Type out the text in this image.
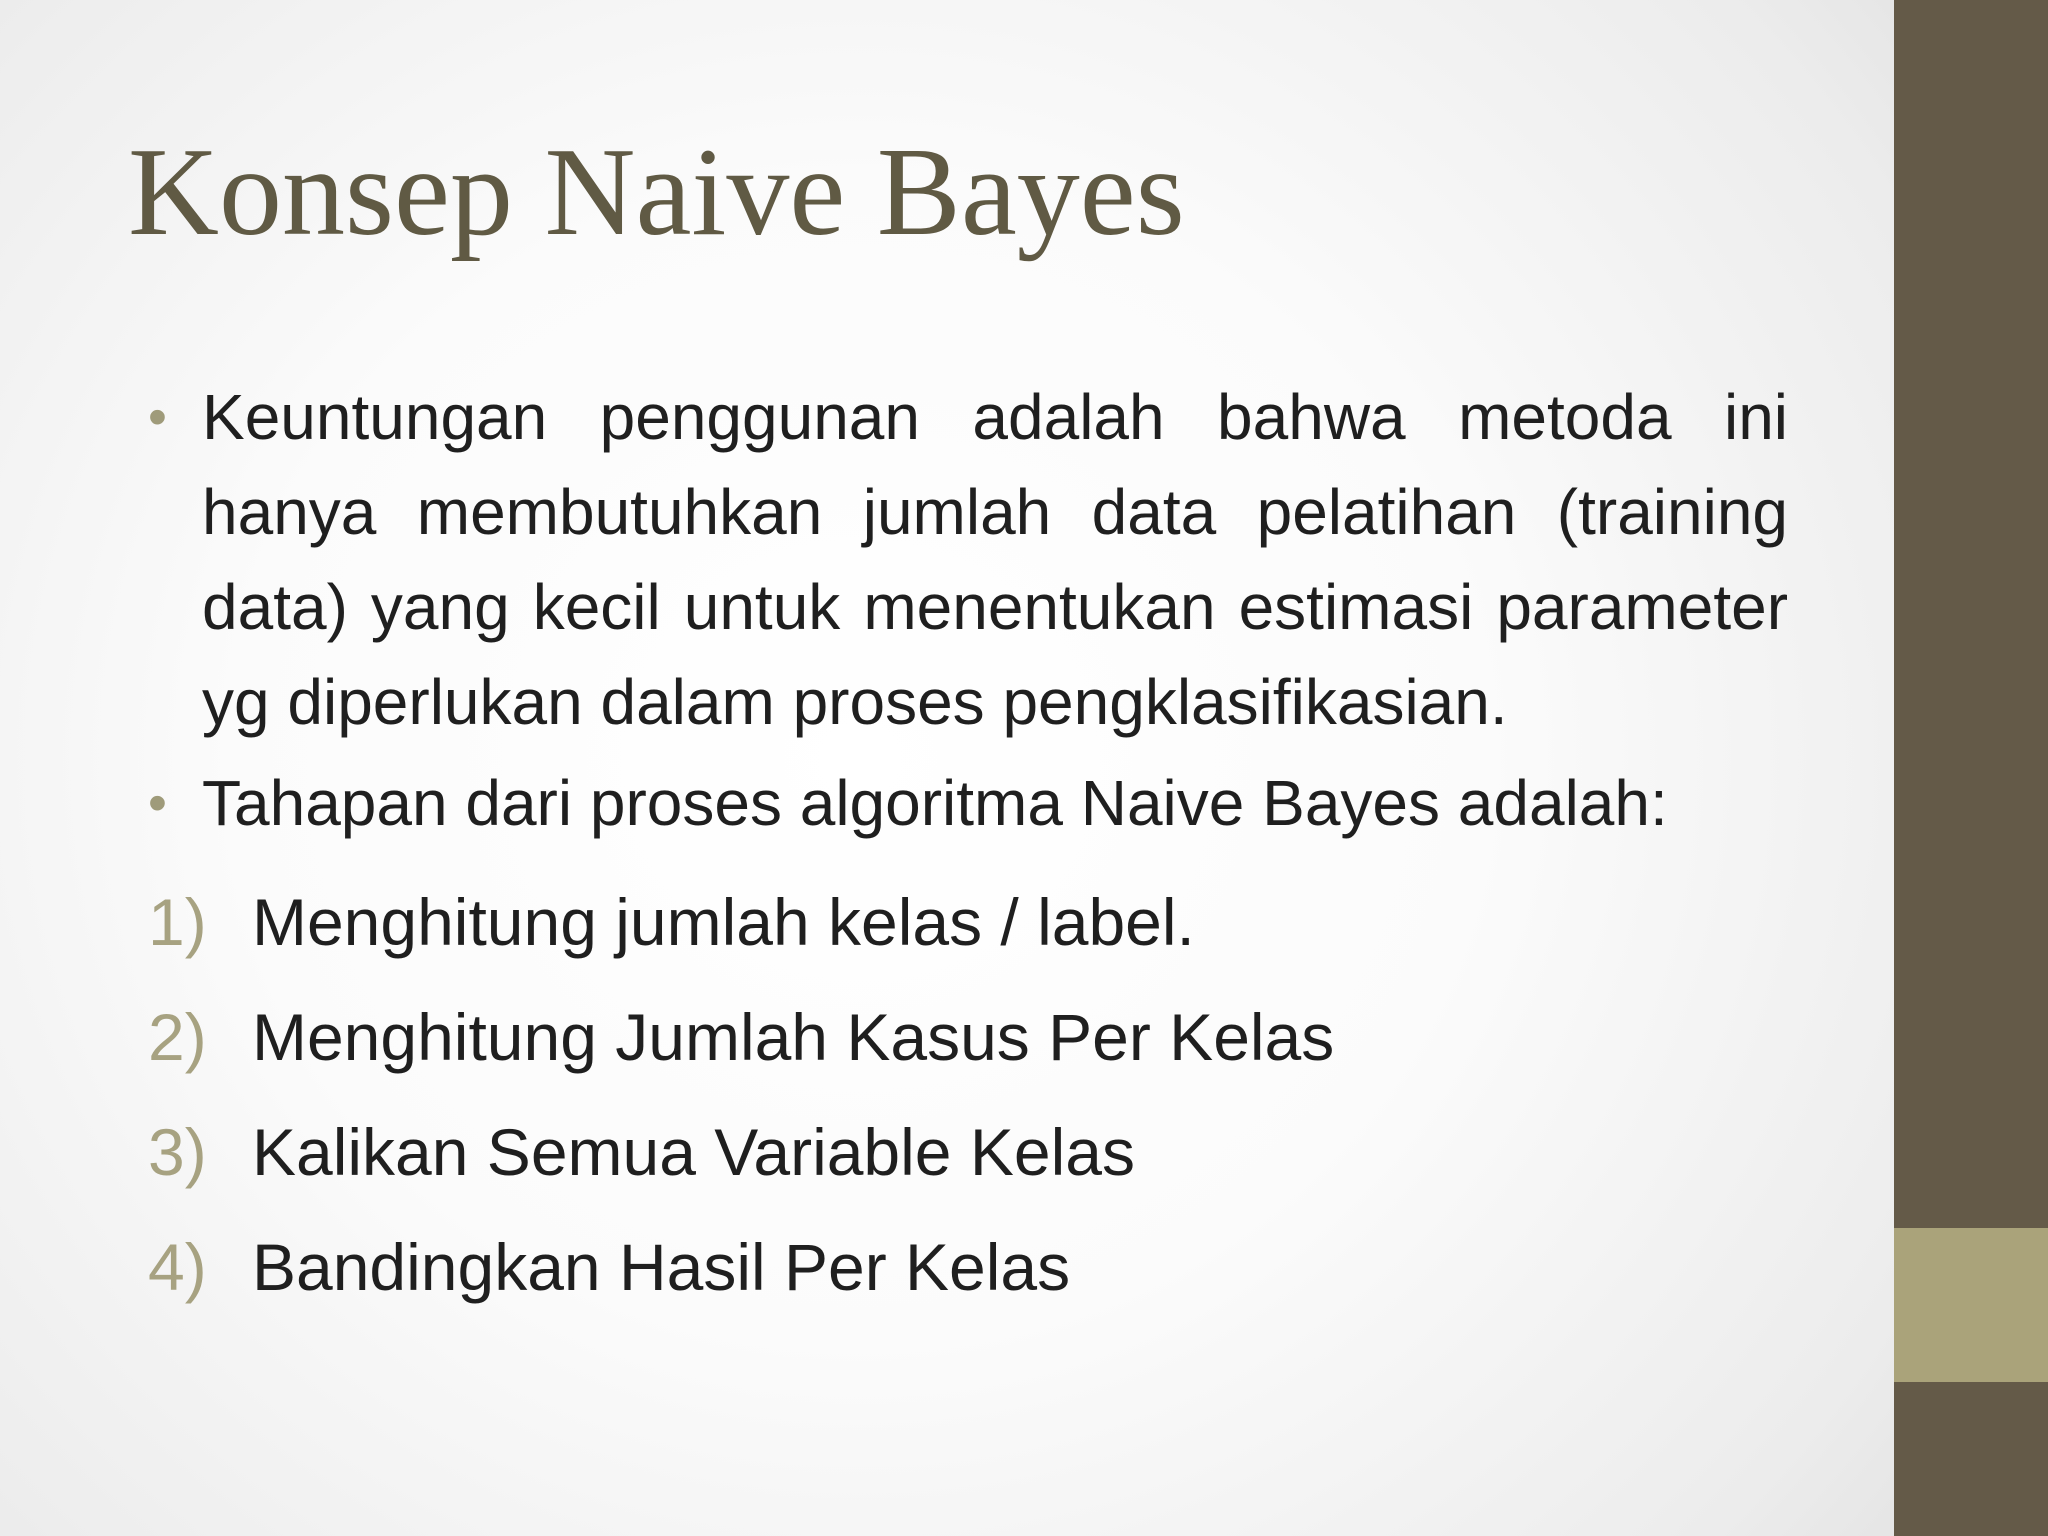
Konsep Naive Bayes
• Keuntungan penggunan adalah bahwa metoda ini hanya membutuhkan jumlah data pelatihan (training data) yang kecil untuk menentukan estimasi parameter yg diperlukan dalam proses pengklasifikasian.
• Tahapan dari proses algoritma Naive Bayes adalah:
1) Menghitung jumlah kelas / label.
2) Menghitung Jumlah Kasus Per Kelas
3) Kalikan Semua Variable Kelas
4) Bandingkan Hasil Per Kelas
